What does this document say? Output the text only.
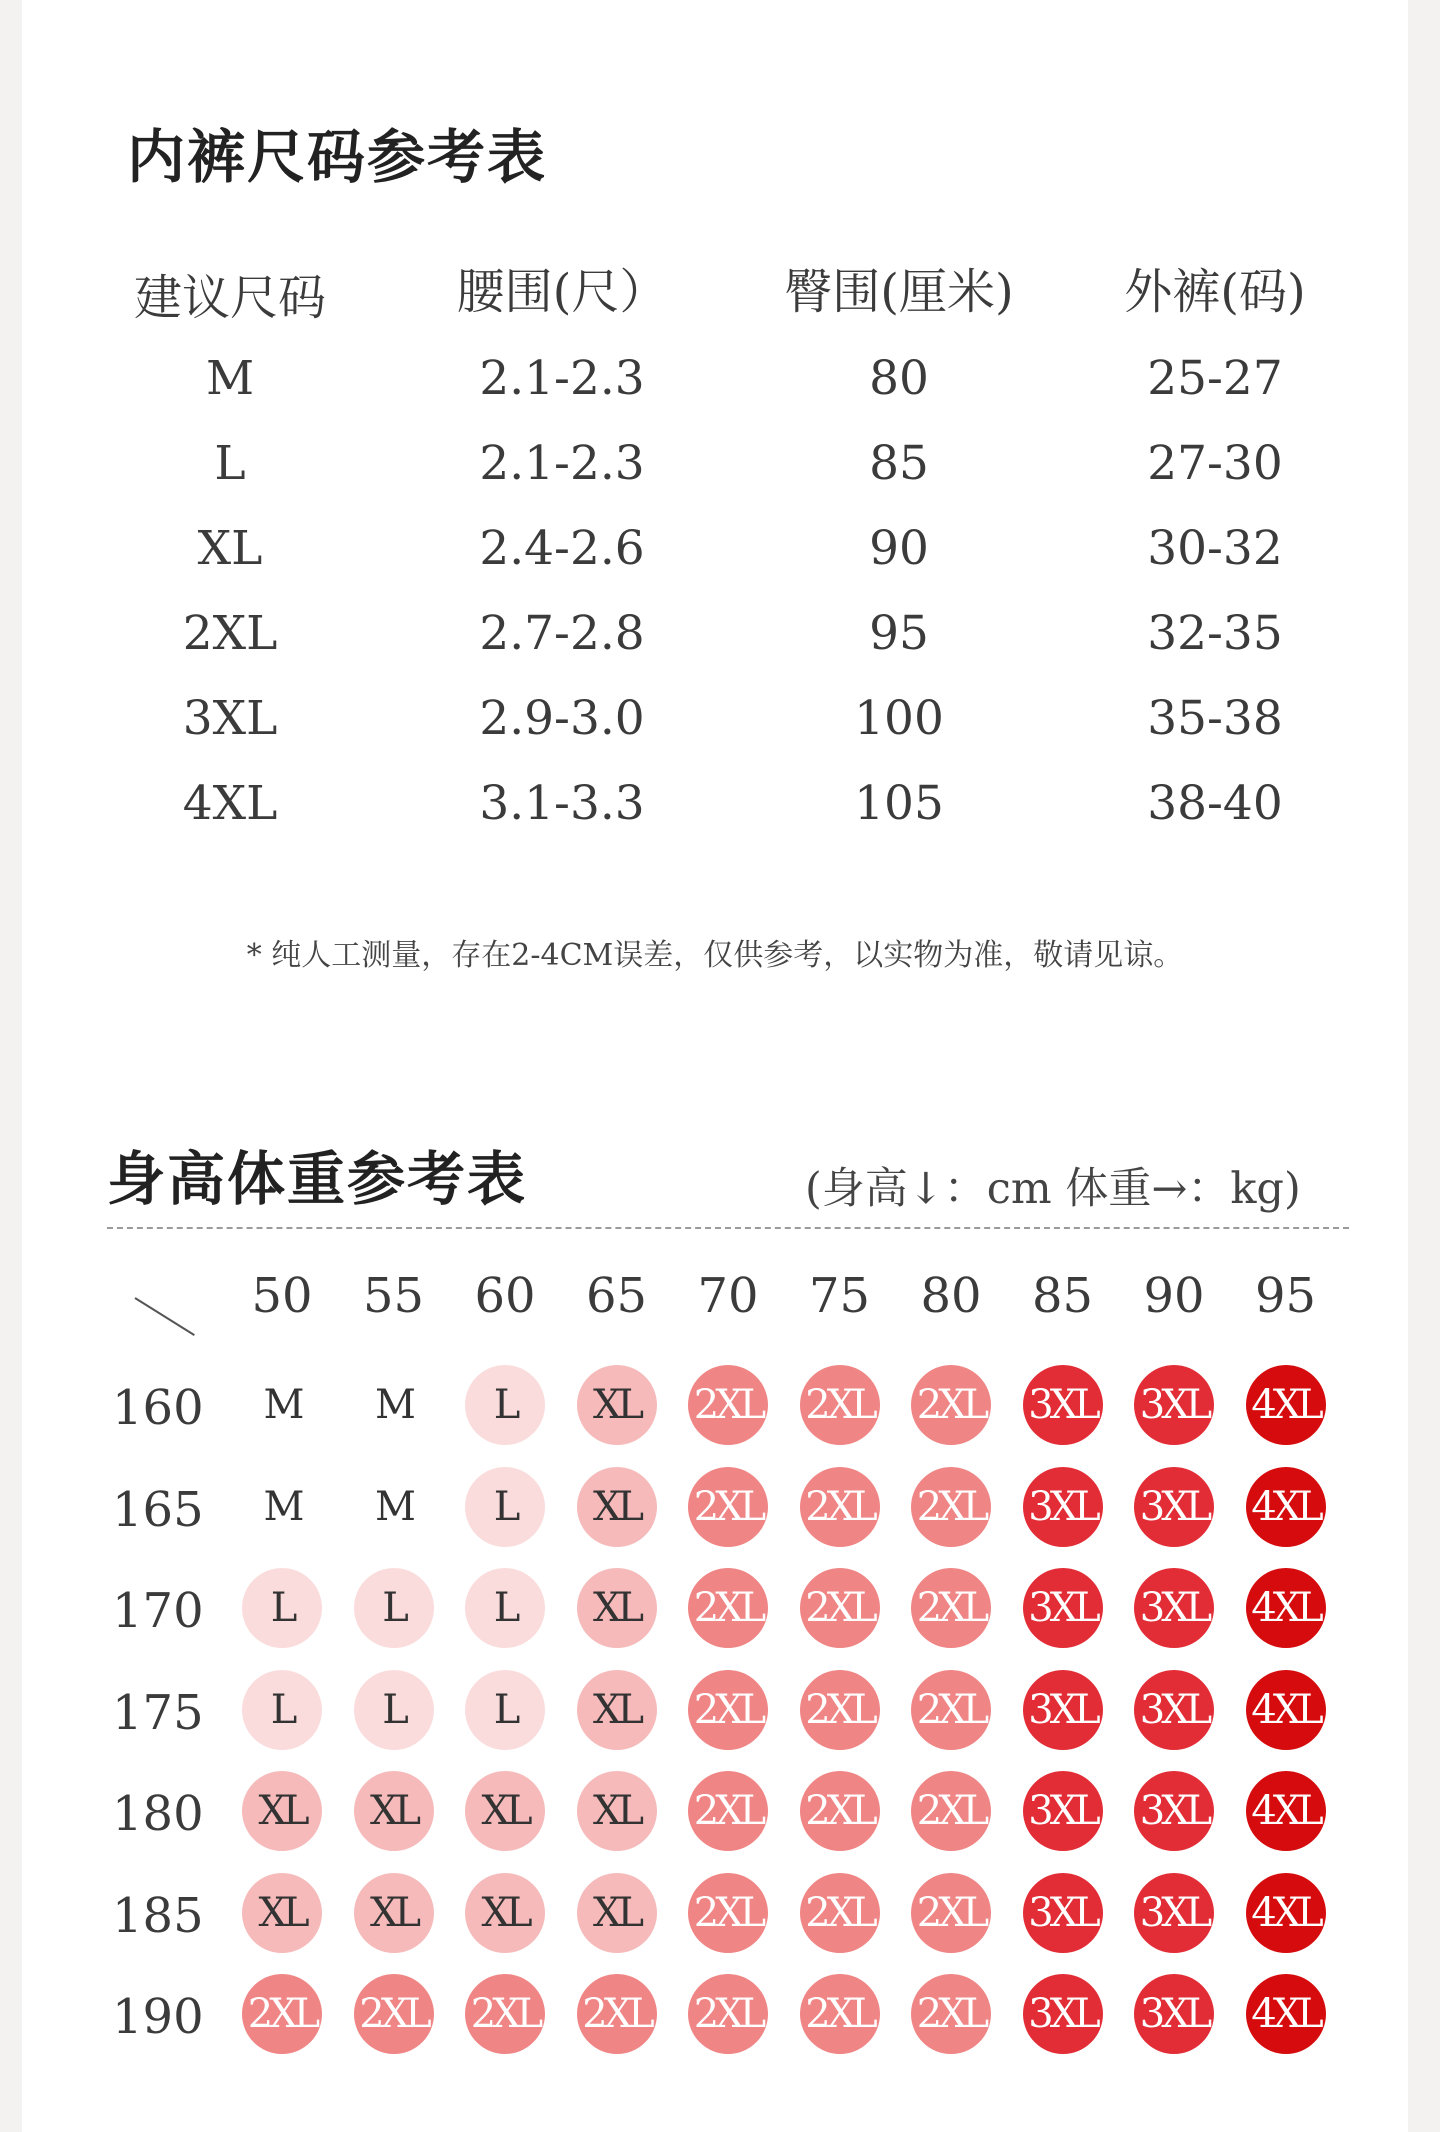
内裤尺码参考表
建议尺码	腰围(尺）	臀围(厘米)	外裤(码)
M	2.1-2.3	80	25-27
L	2.1-2.3	85	27-30
XL	2.4-2.6	90	30-32
2XL	2.7-2.8	95	32-35
3XL	2.9-3.0	100	35-38
4XL	3.1-3.3	105	38-40
* 纯人工测量，存在2-4CM误差，仅供参考，以实物为准，敬请见谅。
身高体重参考表	(身高↓：cm 体重→：kg)
50	55	60	65	70	75	80	85	90	95
160	M	M	L	XL	2XL 2XL 2XL 3XL 3XL 4XL
165	M	M	L	XL	2XL 2XL 2XL 3XL 3XL 4XL
170	L	L	L	XL	2XL 2XL 2XL 3XL 3XL 4XL
175	L	L	L	XL	2XL 2XL 2XL 3XL 3XL 4XL
180	XL	XL	XL	XL	2XL 2XL 2XL 3XL 3XL 4XL
185	XL	XL	XL	XL	2XL 2XL 2XL 3XL 3XL 4XL
190 2XL 2XL 2XL 2XL 2XL 2XL 2XL 3XL 3XL 4XL
